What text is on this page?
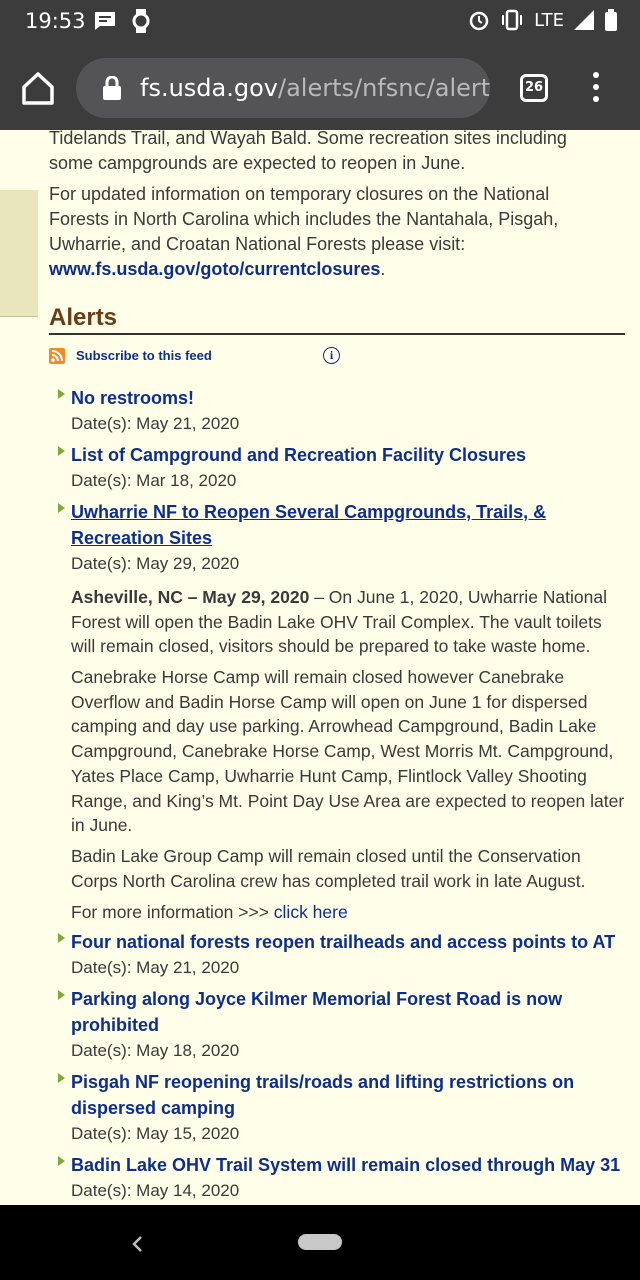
19:53	LTE
fs.usda.gov/alerts/nfsnc/alert	26
Tidelands Trail, and Wayah Bald. Some recreation sites including
some campgrounds are expected to reopen in June.
For updated information on temporary closures on the National Forests in North Carolina which includes the Nantahala, Pisgah, Uwharrie, and Croatan National Forests please visit: www.fs.usda.gov/goto/currentclosures.
Alerts
Subscribe to this feed	i
No restrooms!
Date(s): May 21, 2020
List of Campground and Recreation Facility Closures
Date(s): Mar 18, 2020
Uwharrie NF to Reopen Several Campgrounds, Trails, & Recreation Sites
Date(s): May 29, 2020
Asheville, NC – May 29, 2020 – On June 1, 2020, Uwharrie National Forest will open the Badin Lake OHV Trail Complex. The vault toilets will remain closed, visitors should be prepared to take waste home.
Canebrake Horse Camp will remain closed however Canebrake Overflow and Badin Horse Camp will open on June 1 for dispersed camping and day use parking. Arrowhead Campground, Badin Lake Campground, Canebrake Horse Camp, West Morris Mt. Campground, Yates Place Camp, Uwharrie Hunt Camp, Flintlock Valley Shooting Range, and King’s Mt. Point Day Use Area are expected to reopen later in June.
Badin Lake Group Camp will remain closed until the Conservation Corps North Carolina crew has completed trail work in late August.
For more information >>> click here
Four national forests reopen trailheads and access points to AT
Date(s): May 21, 2020
Parking along Joyce Kilmer Memorial Forest Road is now prohibited
Date(s): May 18, 2020
Pisgah NF reopening trails/roads and lifting restrictions on dispersed camping
Date(s): May 15, 2020
Badin Lake OHV Trail System will remain closed through May 31
Date(s): May 14, 2020
